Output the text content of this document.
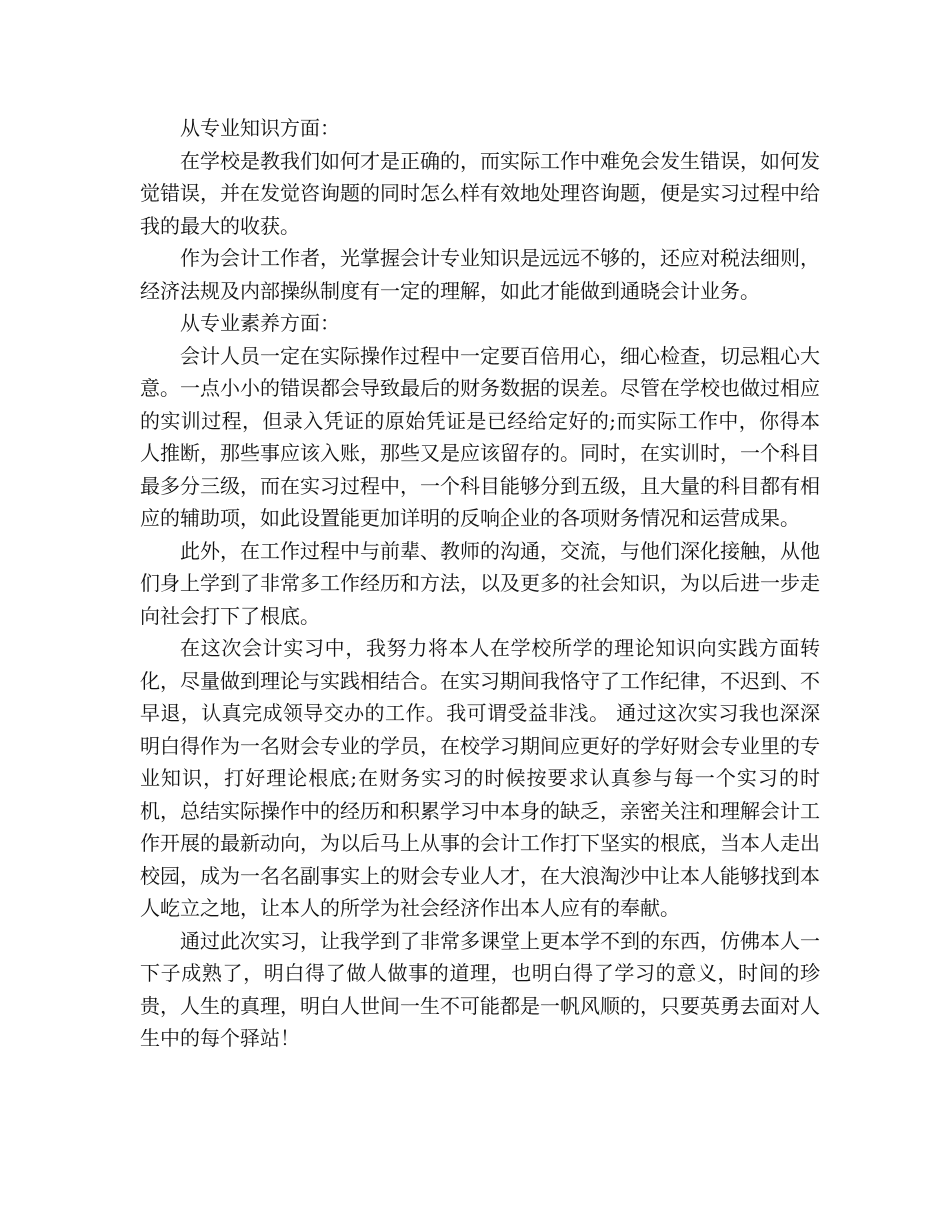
从专业知识方面：

在学校是教我们如何才是正确的，而实际工作中难免会发生错误，如何发觉错误，并在发觉咨询题的同时怎么样有效地处理咨询题，便是实习过程中给我的最大的收获。

作为会计工作者，光掌握会计专业知识是远远不够的，还应对税法细则，经济法规及内部操纵制度有一定的理解，如此才能做到通晓会计业务。

从专业素养方面：

会计人员一定在实际操作过程中一定要百倍用心，细心检查，切忌粗心大意。一点小小的错误都会导致最后的财务数据的误差。尽管在学校也做过相应的实训过程，但录入凭证的原始凭证是已经给定好的;而实际工作中，你得本人推断，那些事应该入账，那些又是应该留存的。同时，在实训时，一个科目最多分三级，而在实习过程中，一个科目能够分到五级，且大量的科目都有相应的辅助项，如此设置能更加详明的反响企业的各项财务情况和运营成果。

此外，在工作过程中与前辈、教师的沟通，交流，与他们深化接触，从他们身上学到了非常多工作经历和方法，以及更多的社会知识，为以后进一步走向社会打下了根底。

在这次会计实习中，我努力将本人在学校所学的理论知识向实践方面转化，尽量做到理论与实践相结合。在实习期间我恪守了工作纪律，不迟到、不早退，认真完成领导交办的工作。我可谓受益非浅。 通过这次实习我也深深明白得作为一名财会专业的学员，在校学习期间应更好的学好财会专业里的专业知识，打好理论根底;在财务实习的时候按要求认真参与每一个实习的时机，总结实际操作中的经历和积累学习中本身的缺乏，亲密关注和理解会计工作开展的最新动向，为以后马上从事的会计工作打下坚实的根底，当本人走出校园，成为一名名副事实上的财会专业人才，在大浪淘沙中让本人能够找到本人屹立之地，让本人的所学为社会经济作出本人应有的奉献。

通过此次实习，让我学到了非常多课堂上更本学不到的东西，仿佛本人一下子成熟了，明白得了做人做事的道理，也明白得了学习的意义，时间的珍贵，人生的真理，明白人世间一生不可能都是一帆风顺的，只要英勇去面对人生中的每个驿站！
